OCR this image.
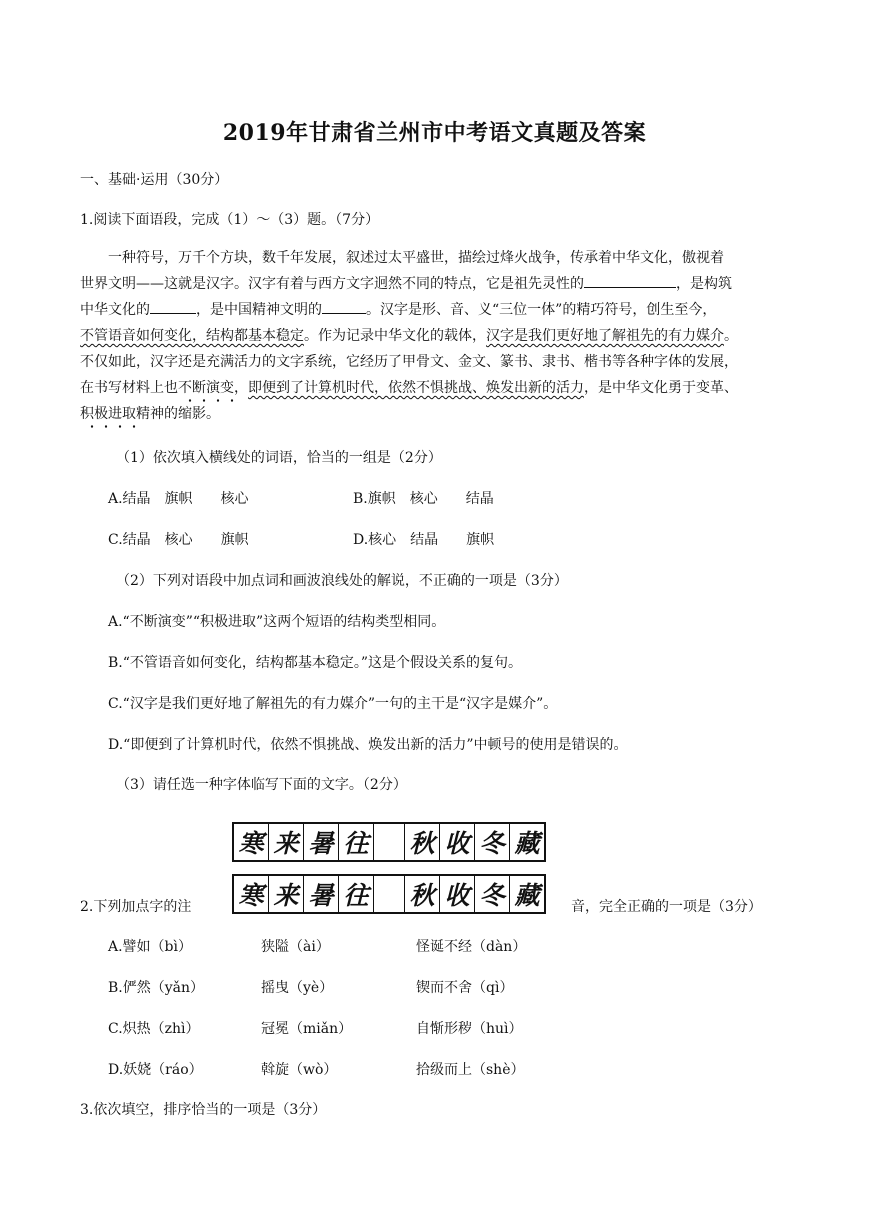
2019年甘肃省兰州市中考语文真题及答案
一、基础·运用（30分）
1.阅读下面语段，完成（1）～（3）题。（7分）
一种符号，万千个方块，数千年发展，叙述过太平盛世，描绘过烽火战争，传承着中华文化，傲视着
世界文明——这就是汉字。汉字有着与西方文字迥然不同的特点，它是祖先灵性的	，是构筑
中华文化的	，是中国精神文明的	。汉字是形、音、义“三位一体”的精巧符号，创生至今，
不管语音如何变化，结构都基本稳定。作为记录中华文化的载体，汉字是我们更好地了解祖先的有力媒介。
不仅如此，汉字还是充满活力的文字系统，它经历了甲骨文、金文、篆书、隶书、楷书等各种字体的发展，
在书写材料上也不断演变，即便到了计算机时代，依然不惧挑战、焕发出新的活力，是中华文化勇于变革、
积极进取精神的缩影。
（1）依次填入横线处的词语，恰当的一组是（2分）
A.结晶　旗帜　　核心	B.旗帜　核心　　结晶
C.结晶　核心　　旗帜	D.核心　结晶　　旗帜
（2）下列对语段中加点词和画波浪线处的解说，不正确的一项是（3分）
A.“不断演变”“积极进取”这两个短语的结构类型相同。
B.“不管语音如何变化，结构都基本稳定。”这是个假设关系的复句。
C.“汉字是我们更好地了解祖先的有力媒介”一句的主干是“汉字是媒介”。
D.“即便到了计算机时代，依然不惧挑战、焕发出新的活力”中顿号的使用是错误的。
（3）请任选一种字体临写下面的文字。（2分）
寒 来 暑 往 秋 收 冬 藏
寒 来 暑 往 秋 收 冬 藏
2.下列加点字的注	音，完全正确的一项是（3分）
A.譬如（bì）	狭隘（ài）	怪诞不经（dàn）
B.俨然（yǎn）	摇曳（yè）	锲而不舍（qì）
C.炽热（zhì）	冠冕（miǎn）	自惭形秽（huì）
D.妖娆（ráo）	斡旋（wò）	拾级而上（shè）
3.依次填空，排序恰当的一项是（3分）
